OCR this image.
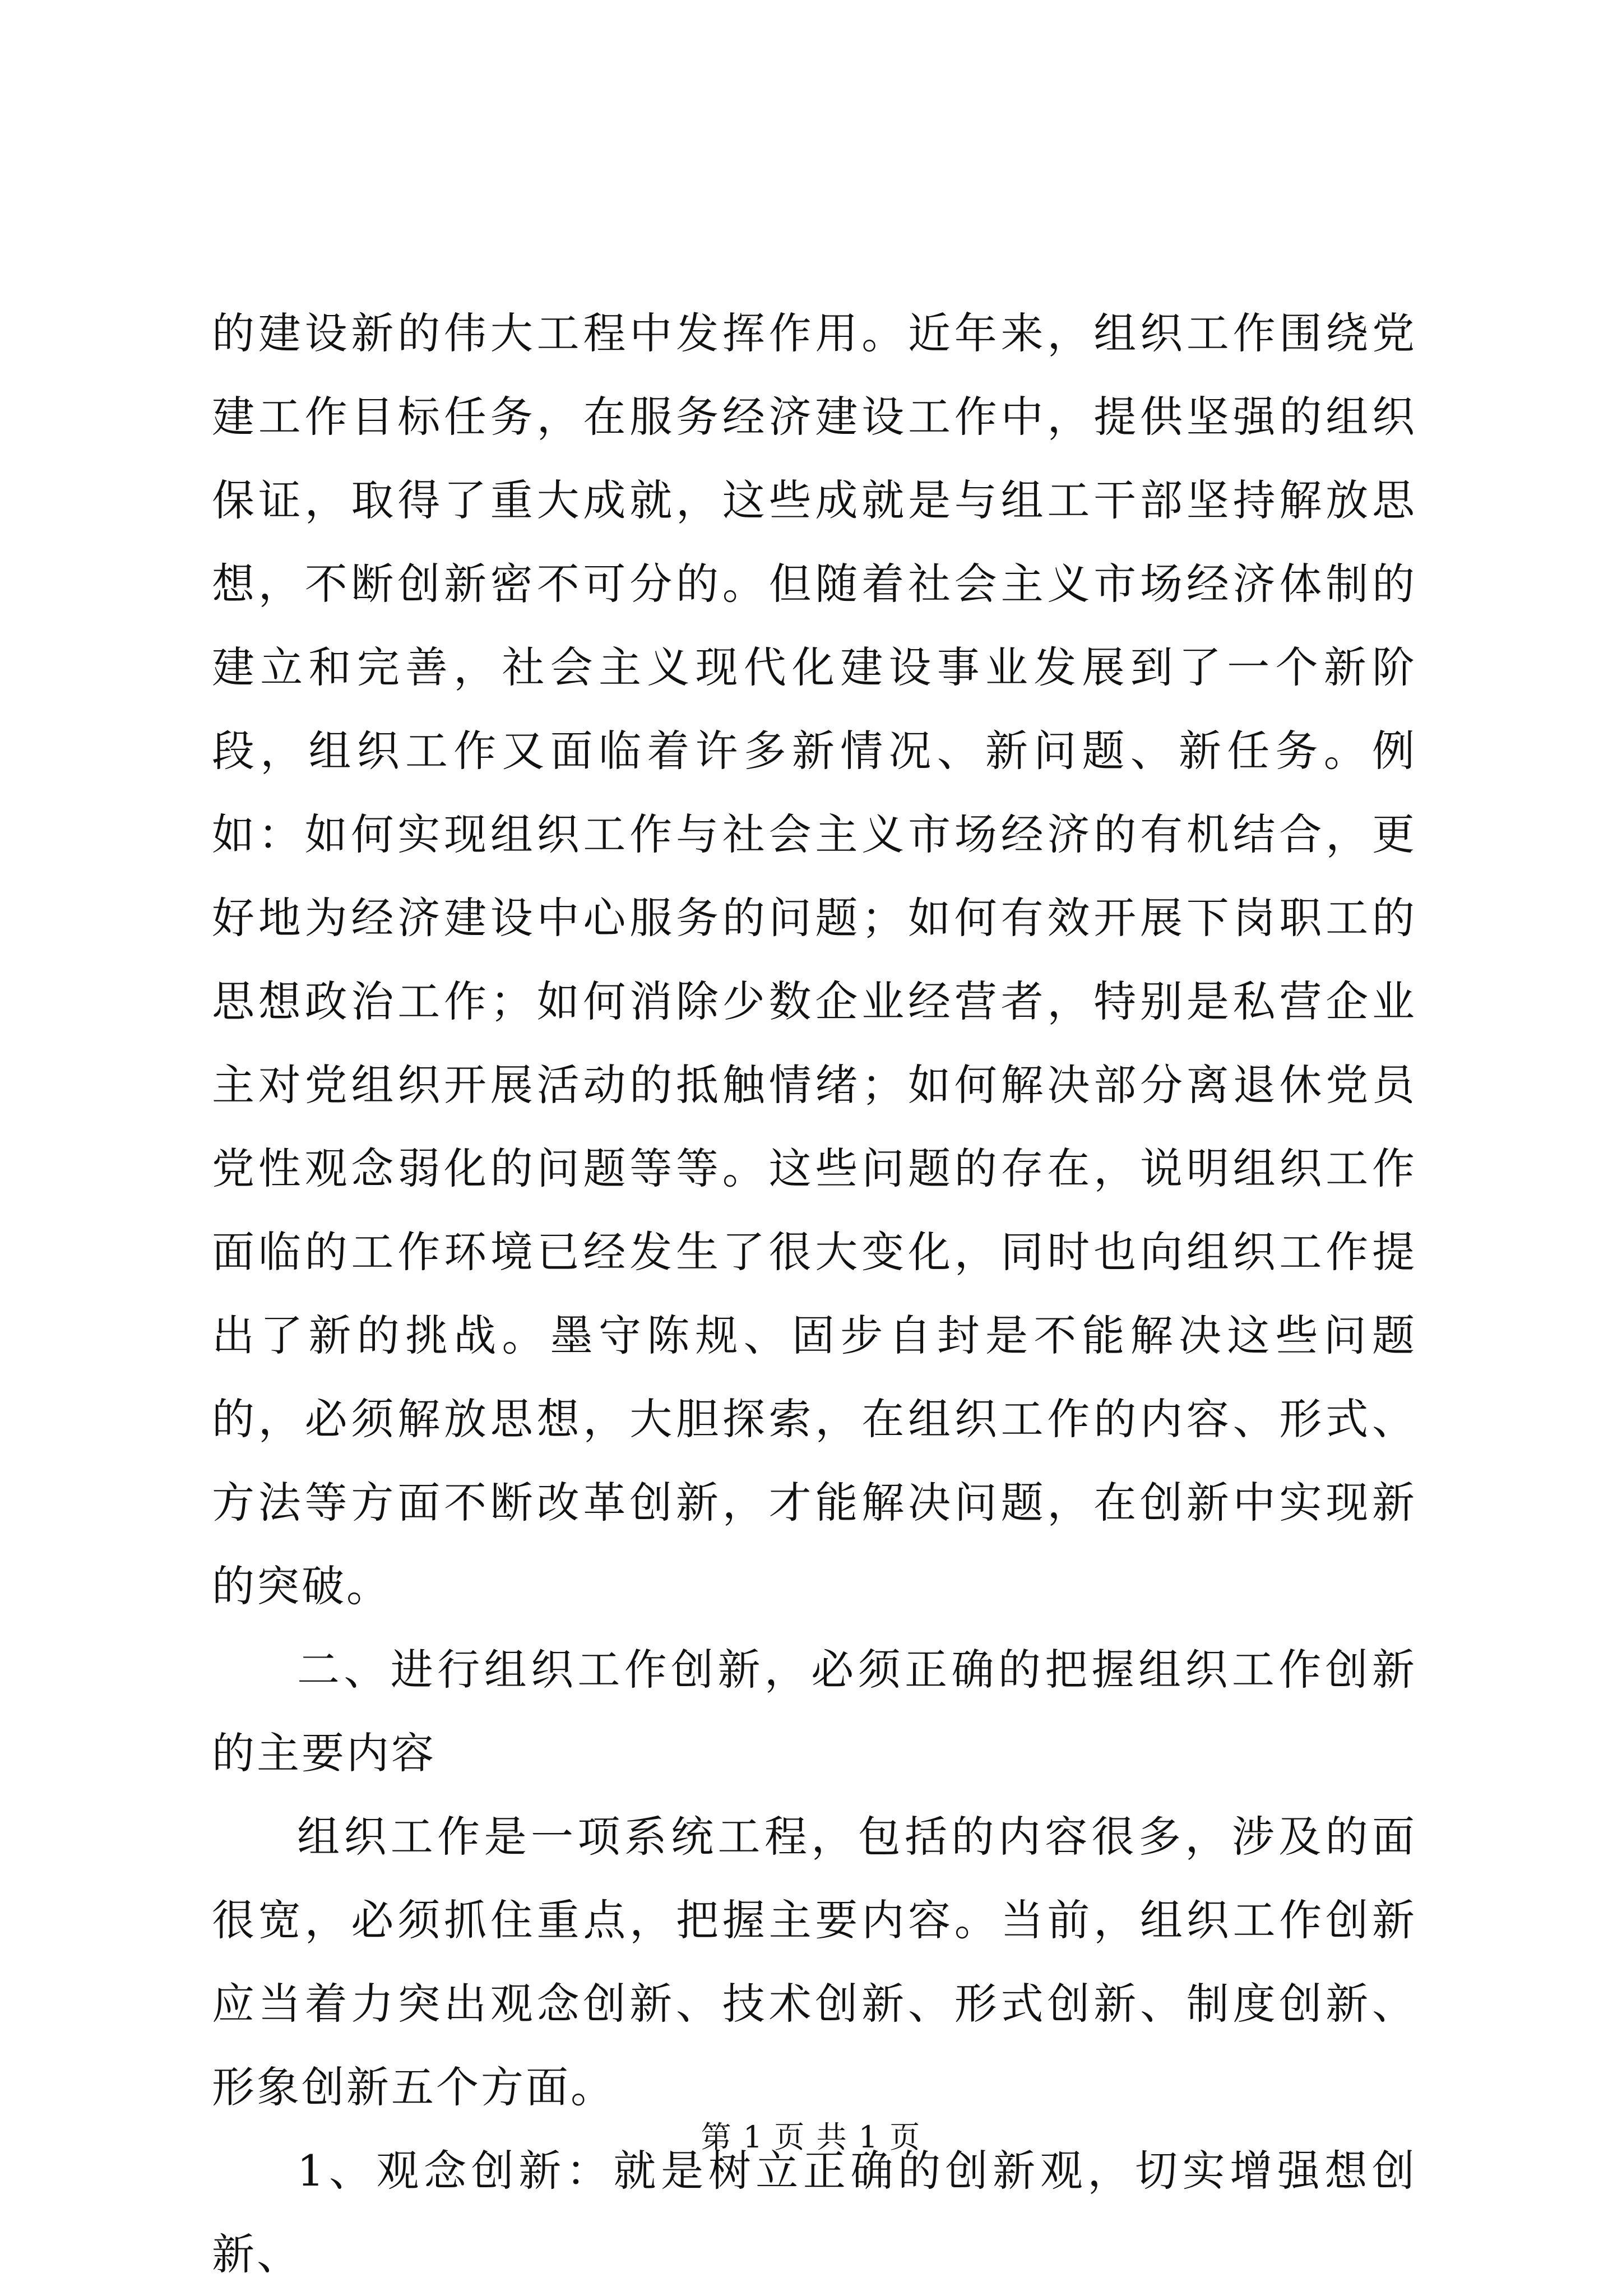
的建设新的伟大工程中发挥作用。近年来，组织工作围绕党建工作目标任务，在服务经济建设工作中，提供坚强的组织保证，取得了重大成就，这些成就是与组工干部坚持解放思想，不断创新密不可分的。但随着社会主义市场经济体制的建立和完善，社会主义现代化建设事业发展到了一个新阶段，组织工作又面临着许多新情况、新问题、新任务。例如：如何实现组织工作与社会主义市场经济的有机结合，更好地为经济建设中心服务的问题；如何有效开展下岗职工的思想政治工作；如何消除少数企业经营者，特别是私营企业主对党组织开展活动的抵触情绪；如何解决部分离退休党员党性观念弱化的问题等等。这些问题的存在，说明组织工作面临的工作环境已经发生了很大变化，同时也向组织工作提出了新的挑战。墨守陈规、固步自封是不能解决这些问题的，必须解放思想，大胆探索，在组织工作的内容、形式、方法等方面不断改革创新，才能解决问题，在创新中实现新的突破。

二、进行组织工作创新，必须正确的把握组织工作创新的主要内容

组织工作是一项系统工程，包括的内容很多，涉及的面很宽，必须抓住重点，把握主要内容。当前，组织工作创新应当着力突出观念创新、技术创新、形式创新、制度创新、形象创新五个方面。

1、观念创新：就是树立正确的创新观，切实增强想创新、

第 1 页 共 1 页
